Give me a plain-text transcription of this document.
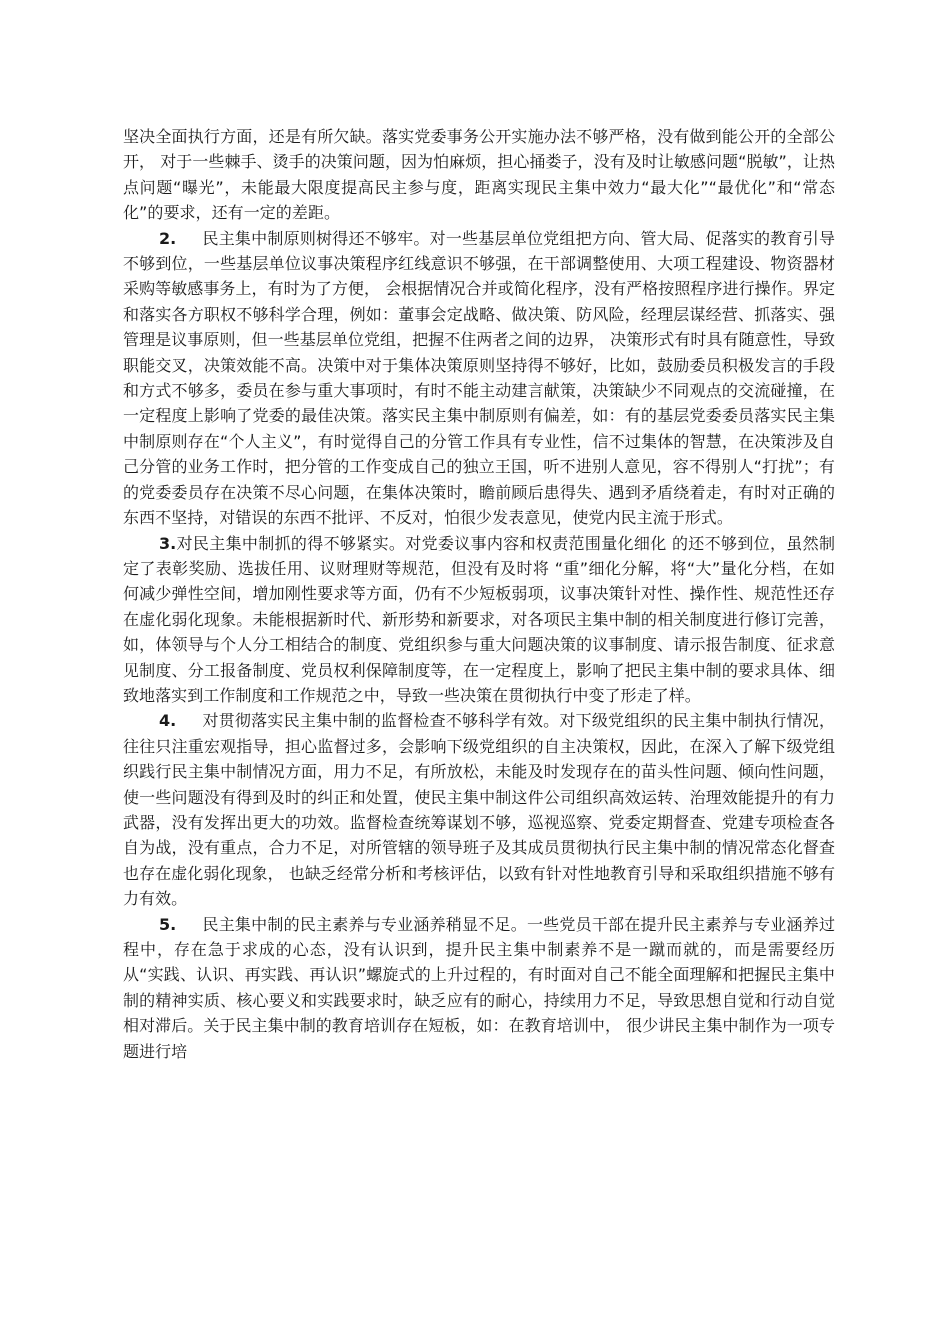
坚决全面执行方面，还是有所欠缺。落实党委事务公开实施办法不够严格，没有做到能公开的全部公开， 对于一些棘手、烫手的决策问题，因为怕麻烦，担心捅娄子，没有及时让敏感问题“脱敏”，让热点问题“曝光”，未能最大限度提高民主参与度，距离实现民主集中效力“最大化”“最优化”和“常态化”的要求，还有一定的差距。

2. 民主集中制原则树得还不够牢。对一些基层单位党组把方向、管大局、促落实的教育引导不够到位，一些基层单位议事决策程序红线意识不够强，在干部调整使用、大项工程建设、物资器材采购等敏感事务上，有时为了方便， 会根据情况合并或简化程序，没有严格按照程序进行操作。界定和落实各方职权不够科学合理，例如：董事会定战略、做决策、防风险，经理层谋经营、抓落实、强管理是议事原则，但一些基层单位党组，把握不住两者之间的边界， 决策形式有时具有随意性，导致职能交叉，决策效能不高。决策中对于集体决策原则坚持得不够好，比如，鼓励委员积极发言的手段和方式不够多，委员在参与重大事项时，有时不能主动建言献策，决策缺少不同观点的交流碰撞，在一定程度上影响了党委的最佳决策。落实民主集中制原则有偏差，如：有的基层党委委员落实民主集中制原则存在“个人主义”，有时觉得自己的分管工作具有专业性，信不过集体的智慧，在决策涉及自己分管的业务工作时，把分管的工作变成自己的独立王国，听不进别人意见，容不得别人“打扰”；有的党委委员存在决策不尽心问题，在集体决策时，瞻前顾后患得失、遇到矛盾绕着走，有时对正确的东西不坚持，对错误的东西不批评、不反对，怕很少发表意见，使党内民主流于形式。

3.对民主集中制抓的得不够紧实。对党委议事内容和权责范围量化细化 的还不够到位，虽然制定了表彰奖励、选拔任用、议财理财等规范，但没有及时将 “重”细化分解，将“大”量化分档，在如何减少弹性空间，增加刚性要求等方面，仍有不少短板弱项，议事决策针对性、操作性、规范性还存在虚化弱化现象。未能根据新时代、新形势和新要求，对各项民主集中制的相关制度进行修订完善，如，体领导与个人分工相结合的制度、党组织参与重大问题决策的议事制度、请示报告制度、征求意见制度、分工报备制度、党员权利保障制度等，在一定程度上，影响了把民主集中制的要求具体、细致地落实到工作制度和工作规范之中，导致一些决策在贯彻执行中变了形走了样。

4. 对贯彻落实民主集中制的监督检查不够科学有效。对下级党组织的民主集中制执行情况，往往只注重宏观指导，担心监督过多，会影响下级党组织的自主决策权，因此，在深入了解下级党组织践行民主集中制情况方面，用力不足，有所放松，未能及时发现存在的苗头性问题、倾向性问题，使一些问题没有得到及时的纠正和处置，使民主集中制这件公司组织高效运转、治理效能提升的有力武器，没有发挥出更大的功效。监督检查统筹谋划不够，巡视巡察、党委定期督查、党建专项检查各自为战，没有重点，合力不足，对所管辖的领导班子及其成员贯彻执行民主集中制的情况常态化督查也存在虚化弱化现象， 也缺乏经常分析和考核评估，以致有针对性地教育引导和采取组织措施不够有力有效。

5. 民主集中制的民主素养与专业涵养稍显不足。一些党员干部在提升民主素养与专业涵养过程中，存在急于求成的心态，没有认识到，提升民主集中制素养不是一蹴而就的，而是需要经历从“实践、认识、再实践、再认识”螺旋式的上升过程的，有时面对自己不能全面理解和把握民主集中制的精神实质、核心要义和实践要求时，缺乏应有的耐心，持续用力不足，导致思想自觉和行动自觉相对滞后。关于民主集中制的教育培训存在短板，如：在教育培训中， 很少讲民主集中制作为一项专题进行培
